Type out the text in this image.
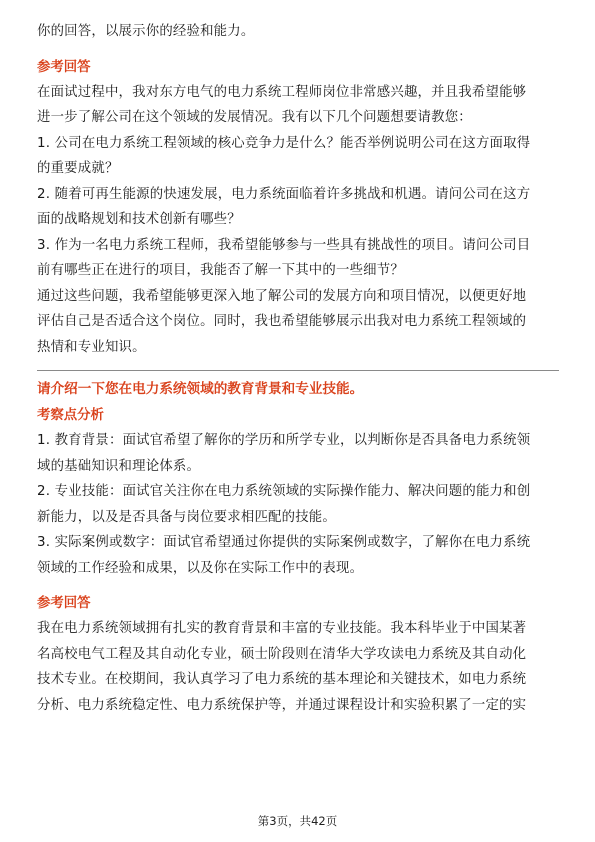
你的回答，以展示你的经验和能力。

参考回答

在面试过程中，我对东方电气的电力系统工程师岗位非常感兴趣，并且我希望能够

进一步了解公司在这个领域的发展情况。我有以下几个问题想要请教您：

1. 公司在电力系统工程领域的核心竞争力是什么？能否举例说明公司在这方面取得

的重要成就？

2. 随着可再生能源的快速发展，电力系统面临着许多挑战和机遇。请问公司在这方

面的战略规划和技术创新有哪些？

3. 作为一名电力系统工程师，我希望能够参与一些具有挑战性的项目。请问公司目

前有哪些正在进行的项目，我能否了解一下其中的一些细节？

通过这些问题，我希望能够更深入地了解公司的发展方向和项目情况，以便更好地

评估自己是否适合这个岗位。同时，我也希望能够展示出我对电力系统工程领域的

热情和专业知识。

请介绍一下您在电力系统领域的教育背景和专业技能。

考察点分析

1. 教育背景：面试官希望了解你的学历和所学专业，以判断你是否具备电力系统领

域的基础知识和理论体系。

2. 专业技能：面试官关注你在电力系统领域的实际操作能力、解决问题的能力和创

新能力，以及是否具备与岗位要求相匹配的技能。

3. 实际案例或数字：面试官希望通过你提供的实际案例或数字，了解你在电力系统

领域的工作经验和成果，以及你在实际工作中的表现。

参考回答

我在电力系统领域拥有扎实的教育背景和丰富的专业技能。我本科毕业于中国某著

名高校电气工程及其自动化专业，硕士阶段则在清华大学攻读电力系统及其自动化

技术专业。在校期间，我认真学习了电力系统的基本理论和关键技术，如电力系统

分析、电力系统稳定性、电力系统保护等，并通过课程设计和实验积累了一定的实

第3页，共42页
